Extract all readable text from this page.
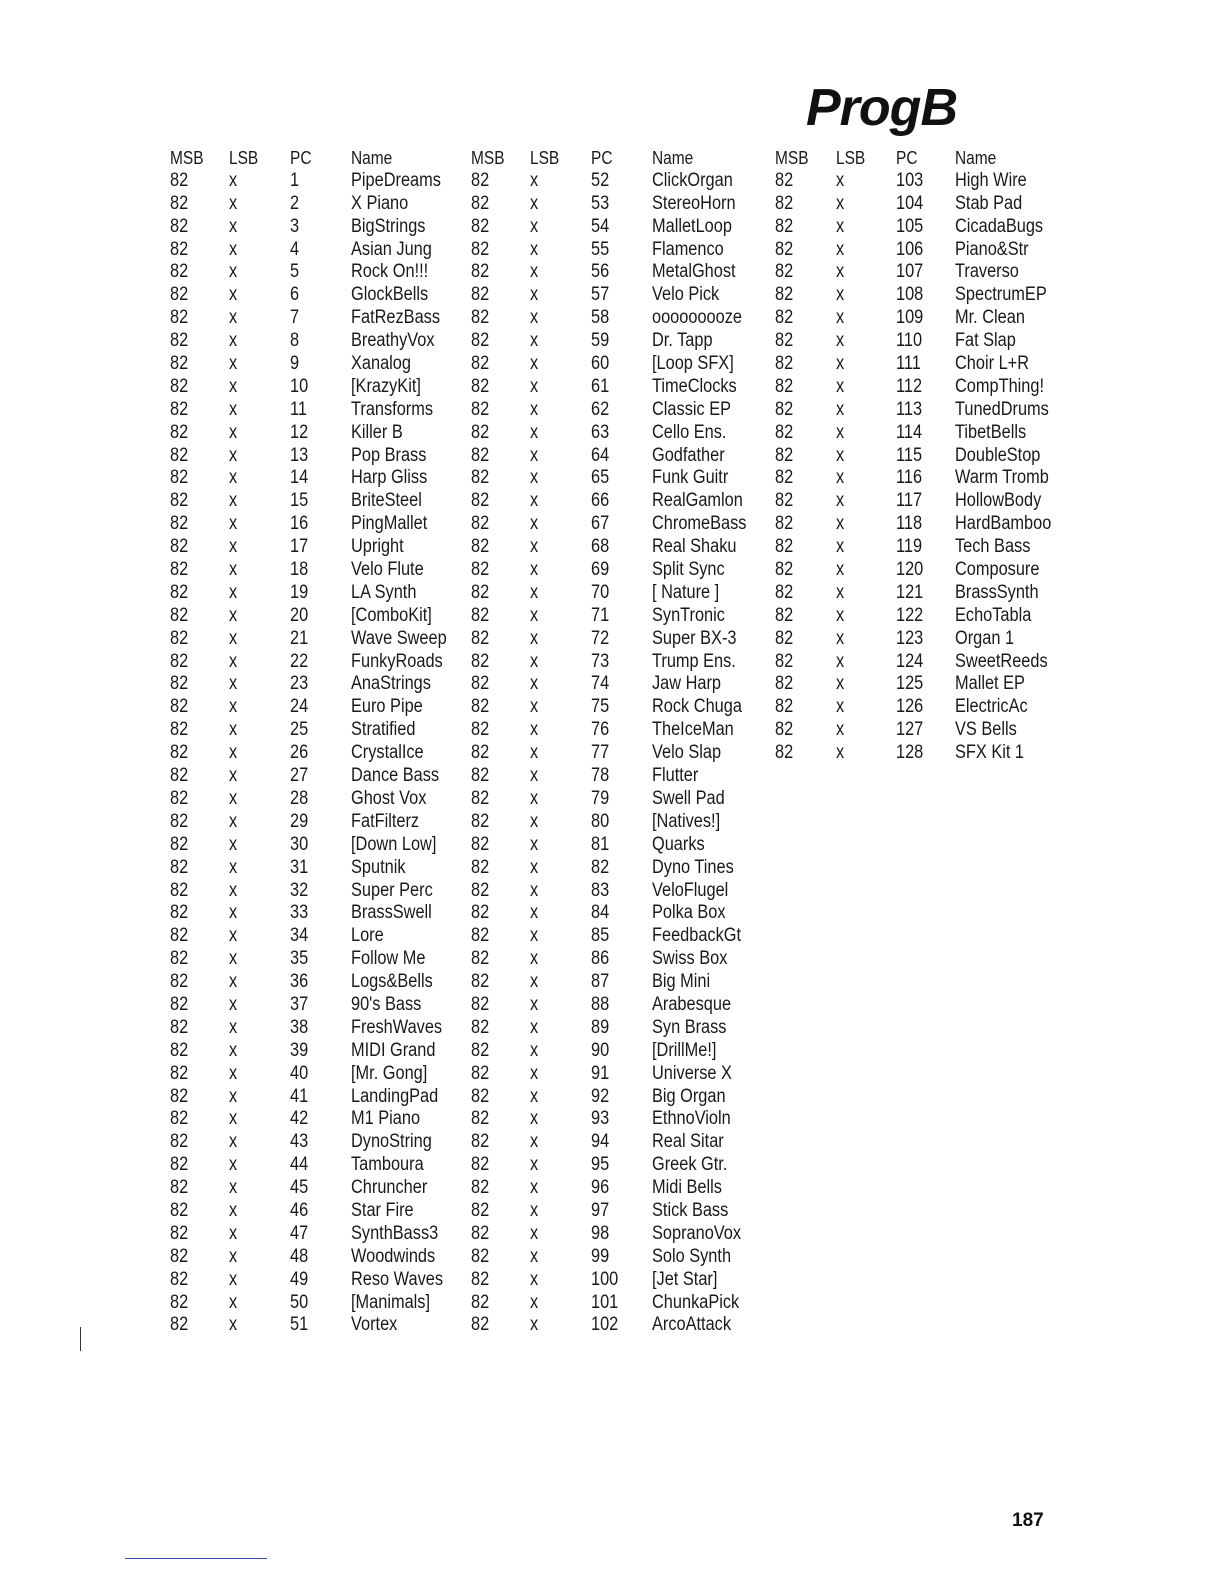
ProgB
MSB LSB PC Name
82 x	1	PipeDreams
82 x	2	X Piano
82 x	3	BigStrings
82 x	4	Asian Jung
82 x	5	Rock On!!!
82 x	6	GlockBells
82 x	7	FatRezBass
82 x	8	BreathyVox
82 x	9	Xanalog
82 x	10 [KrazyKit]
82 x	11 Transforms
82 x	12 Killer B
82 x	13 Pop Brass
82 x	14 Harp Gliss
82 x	15 BriteSteel
82 x	16 PingMallet
82 x	17 Upright
82 x	18 Velo Flute
82 x	19 LA Synth
82 x	20 [ComboKit]
82 x	21 Wave Sweep
82 x	22 FunkyRoads
82 x	23 AnaStrings
82 x	24 Euro Pipe
82 x	25 Stratified
82 x	26 CrystalIce
82 x	27 Dance Bass
82 x	28 Ghost Vox
82 x	29 FatFilterz
82 x	30 [Down Low]
82 x	31 Sputnik
82 x	32 Super Perc
82 x	33 BrassSwell
82 x	34 Lore
82 x	35 Follow Me
82 x	36 Logs&Bells
82 x	37 90's Bass
82 x	38 FreshWaves
82 x	39 MIDI Grand
82 x	40 [Mr. Gong]
82 x	41 LandingPad
82 x	42 M1 Piano
82 x	43 DynoString
82 x	44 Tamboura
82 x	45 Chruncher
82 x	46 Star Fire
82 x	47 SynthBass3
82 x	48 Woodwinds
82 x	49 Reso Waves
82 x	50 [Manimals]
82 x	51 Vortex
MSB LSB PC Name
82 x	52 ClickOrgan
82 x	53 StereoHorn
82 x	54 MalletLoop
82 x	55 Flamenco
82 x	56 MetalGhost
82 x	57 Velo Pick
82 x	58 ooooooooze
82 x	59 Dr. Tapp
82 x	60 [Loop SFX]
82 x	61 TimeClocks
82 x	62 Classic EP
82 x	63 Cello Ens.
82 x	64 Godfather
82 x	65 Funk Guitr
82 x	66 RealGamlon
82 x	67 ChromeBass
82 x	68 Real Shaku
82 x	69 Split Sync
82 x	70 [ Nature ]
82 x	71 SynTronic
82 x	72 Super BX-3
82 x	73 Trump Ens.
82 x	74 Jaw Harp
82 x	75 Rock Chuga
82 x	76 TheIceMan
82 x	77 Velo Slap
82 x	78 Flutter
82 x	79 Swell Pad
82 x	80 [Natives!]
82 x	81 Quarks
82 x	82 Dyno Tines
82 x	83 VeloFlugel
82 x	84 Polka Box
82 x	85 FeedbackGt
82 x	86 Swiss Box
82 x	87 Big Mini
82 x	88 Arabesque
82 x	89 Syn Brass
82 x	90 [DrillMe!]
82 x	91 Universe X
82 x	92 Big Organ
82 x	93 EthnoVioln
82 x	94 Real Sitar
82 x	95 Greek Gtr.
82 x	96 Midi Bells
82 x	97 Stick Bass
82 x	98 SopranoVox
82 x	99 Solo Synth
82 x	100 [Jet Star]
82 x	101 ChunkaPick
82 x	102 ArcoAttack
MSB LSB PC Name
82 x	103 High Wire
82 x	104 Stab Pad
82 x	105 CicadaBugs
82 x	106 Piano&Str
82 x	107 Traverso
82 x	108 SpectrumEP
82 x	109 Mr. Clean
82 x	110 Fat Slap
82 x	111 Choir L+R
82 x	112 CompThing!
82 x	113 TunedDrums
82 x	114 TibetBells
82 x	115 DoubleStop
82 x	116 Warm Tromb
82 x	117 HollowBody
82 x	118 HardBamboo
82 x	119 Tech Bass
82 x	120 Composure
82 x	121 BrassSynth
82 x	122 EchoTabla
82 x	123 Organ 1
82 x	124 SweetReeds
82 x	125 Mallet EP
82 x	126 ElectricAc
82 x	127 VS Bells
82 x	128 SFX Kit 1
187
